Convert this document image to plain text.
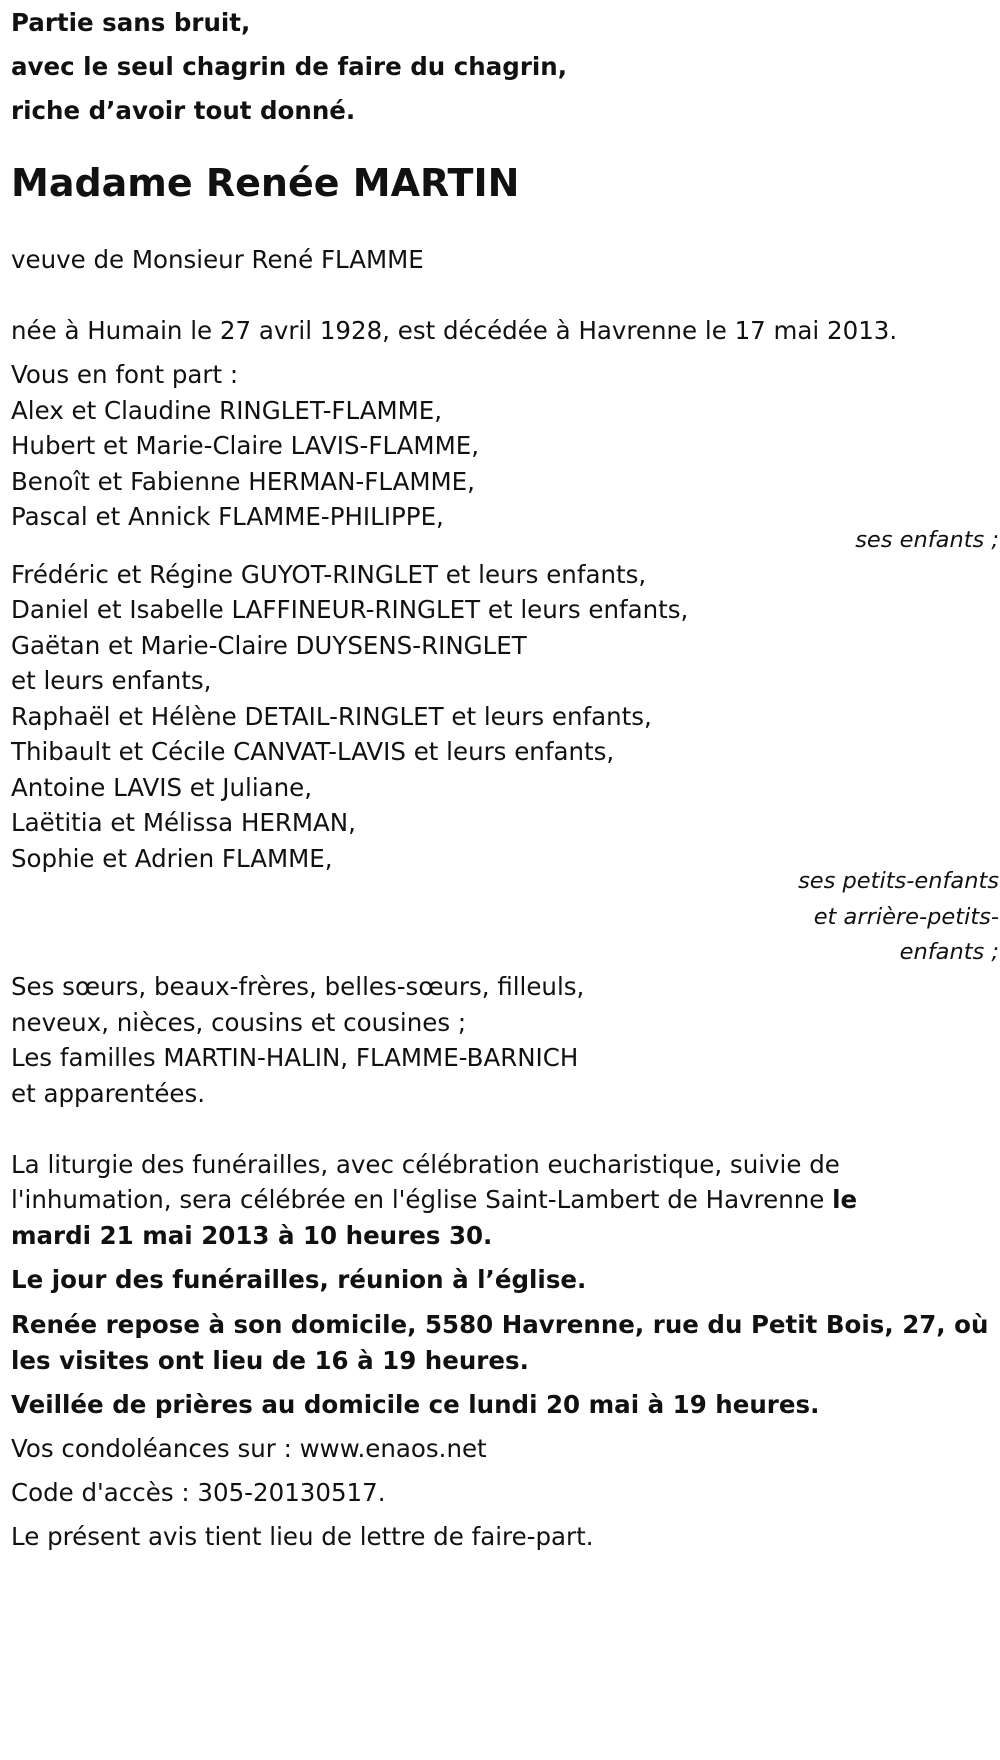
Partie sans bruit,
avec le seul chagrin de faire du chagrin,
riche d’avoir tout donné.
Madame Renée MARTIN
veuve de Monsieur René FLAMME
née à Humain le 27 avril 1928, est décédée à Havrenne le 17 mai 2013.
Vous en font part :
Alex et Claudine RINGLET-FLAMME,
Hubert et Marie-Claire LAVIS-FLAMME,
Benoît et Fabienne HERMAN-FLAMME,
Pascal et Annick FLAMME-PHILIPPE,
ses enfants ;
Frédéric et Régine GUYOT-RINGLET et leurs enfants,
Daniel et Isabelle LAFFINEUR-RINGLET et leurs enfants,
Gaëtan et Marie-Claire DUYSENS-RINGLET
et leurs enfants,
Raphaël et Hélène DETAIL-RINGLET et leurs enfants,
Thibault et Cécile CANVAT-LAVIS et leurs enfants,
Antoine LAVIS et Juliane,
Laëtitia et Mélissa HERMAN,
Sophie et Adrien FLAMME,
ses petits-enfants
et arrière-petits-
enfants ;
Ses sœurs, beaux-frères, belles-sœurs, filleuls,
neveux, nièces, cousins et cousines ;
Les familles MARTIN-HALIN, FLAMME-BARNICH
et apparentées.
La liturgie des funérailles, avec célébration eucharistique, suivie de
l'inhumation, sera célébrée en l'église Saint-Lambert de Havrenne le
mardi 21 mai 2013 à 10 heures 30.
Le jour des funérailles, réunion à l’église.
Renée repose à son domicile, 5580 Havrenne, rue du Petit Bois, 27, où
les visites ont lieu de 16 à 19 heures.
Veillée de prières au domicile ce lundi 20 mai à 19 heures.
Vos condoléances sur : www.enaos.net
Code d'accès : 305-20130517.
Le présent avis tient lieu de lettre de faire-part.
